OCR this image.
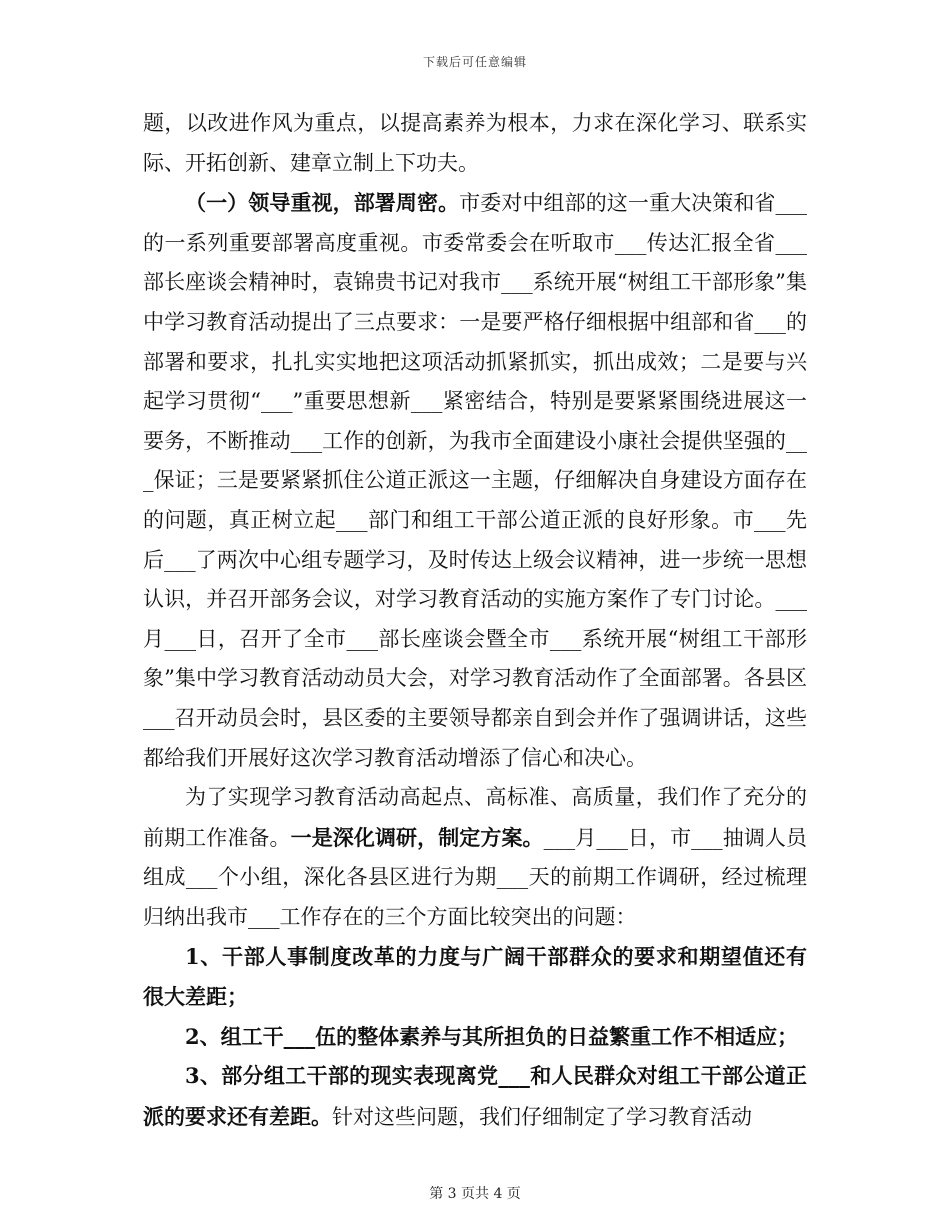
下载后可任意编辑

题，以改进作风为重点，以提高素养为根本，力求在深化学习、联系实际、开拓创新、建章立制上下功夫。

（一）领导重视，部署周密。市委对中组部的这一重大决策和省___的一系列重要部署高度重视。市委常委会在听取市___传达汇报全省___部长座谈会精神时，袁锦贵书记对我市___系统开展“树组工干部形象”集中学习教育活动提出了三点要求：一是要严格仔细根据中组部和省___的部署和要求，扎扎实实地把这项活动抓紧抓实，抓出成效；二是要与兴起学习贯彻“___”重要思想新___紧密结合，特别是要紧紧围绕进展这一要务，不断推动___工作的创新，为我市全面建设小康社会提供坚强的___保证；三是要紧紧抓住公道正派这一主题，仔细解决自身建设方面存在的问题，真正树立起___部门和组工干部公道正派的良好形象。市___先后___了两次中心组专题学习，及时传达上级会议精神，进一步统一思想认识，并召开部务会议，对学习教育活动的实施方案作了专门讨论。___月___日，召开了全市___部长座谈会暨全市___系统开展“树组工干部形象”集中学习教育活动动员大会，对学习教育活动作了全面部署。各县区___召开动员会时，县区委的主要领导都亲自到会并作了强调讲话，这些都给我们开展好这次学习教育活动增添了信心和决心。

为了实现学习教育活动高起点、高标准、高质量，我们作了充分的前期工作准备。一是深化调研，制定方案。___月___日，市___抽调人员组成___个小组，深化各县区进行为期___天的前期工作调研，经过梳理归纳出我市___工作存在的三个方面比较突出的问题：

1、干部人事制度改革的力度与广阔干部群众的要求和期望值还有很大差距；

2、组工干___伍的整体素养与其所担负的日益繁重工作不相适应；

3、部分组工干部的现实表现离党___和人民群众对组工干部公道正派的要求还有差距。针对这些问题，我们仔细制定了学习教育活动

第 3 页共 4 页
